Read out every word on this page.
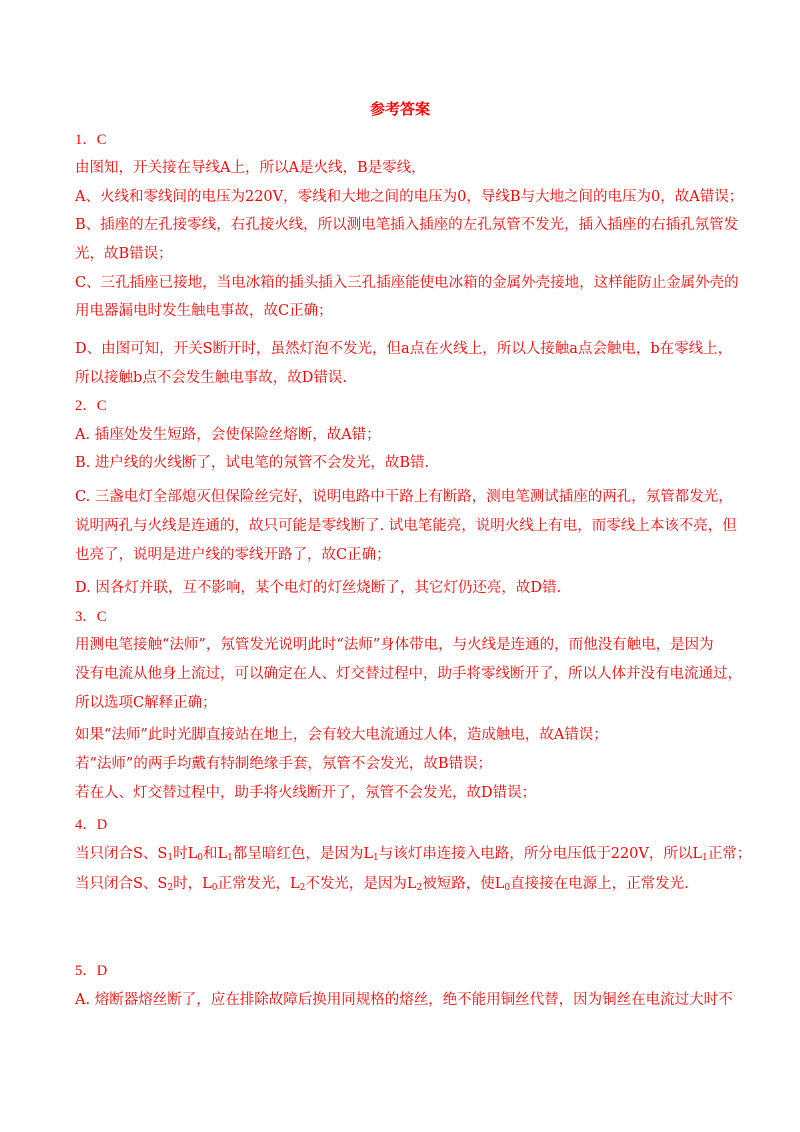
参考答案
1．C
由图知，开关接在导线A上，所以A是火线，B是零线，
A、火线和零线间的电压为220V，零线和大地之间的电压为0，导线B与大地之间的电压为0，故A错误；
B、插座的左孔接零线，右孔接火线，所以测电笔插入插座的左孔氖管不发光，插入插座的右插孔氖管发
光，故B错误；
C、三孔插座已接地，当电冰箱的插头插入三孔插座能使电冰箱的金属外壳接地，这样能防止金属外壳的
用电器漏电时发生触电事故，故C正确；
D、由图可知，开关S断开时，虽然灯泡不发光，但a点在火线上，所以人接触a点会触电，b在零线上，
所以接触b点不会发生触电事故，故D错误.
2．C
A. 插座处发生短路，会使保险丝熔断，故A错；
B. 进户线的火线断了，试电笔的氖管不会发光，故B错.
C. 三盏电灯全部熄灭但保险丝完好，说明电路中干路上有断路，测电笔测试插座的两孔，氖管都发光，
说明两孔与火线是连通的，故只可能是零线断了. 试电笔能亮，说明火线上有电，而零线上本该不亮，但
也亮了，说明是进户线的零线开路了，故C正确；
D. 因各灯并联，互不影响，某个电灯的灯丝烧断了，其它灯仍还亮，故D错.
3．C
用测电笔接触“法师”，氖管发光说明此时“法师”身体带电，与火线是连通的，而他没有触电，是因为
没有电流从他身上流过，可以确定在人、灯交替过程中，助手将零线断开了，所以人体并没有电流通过，
所以选项C解释正确；
如果“法师”此时光脚直接站在地上，会有较大电流通过人体，造成触电，故A错误；
若“法师”的两手均戴有特制绝缘手套，氖管不会发光，故B错误；
若在人、灯交替过程中，助手将火线断开了，氖管不会发光，故D错误；
4．D
当只闭合S、$S_1$时$L_0$和$L_1$都呈暗红色，是因为$L_1$与该灯串连接入电路，所分电压低于220V，所以$L_1$正常；
当只闭合S、$S_2$时，$L_0$正常发光，$L_2$不发光，是因为$L_2$被短路，使$L_0$直接接在电源上，正常发光.
5．D
A. 熔断器熔丝断了，应在排除故障后换用同规格的熔丝，绝不能用铜丝代替，因为铜丝在电流过大时不
